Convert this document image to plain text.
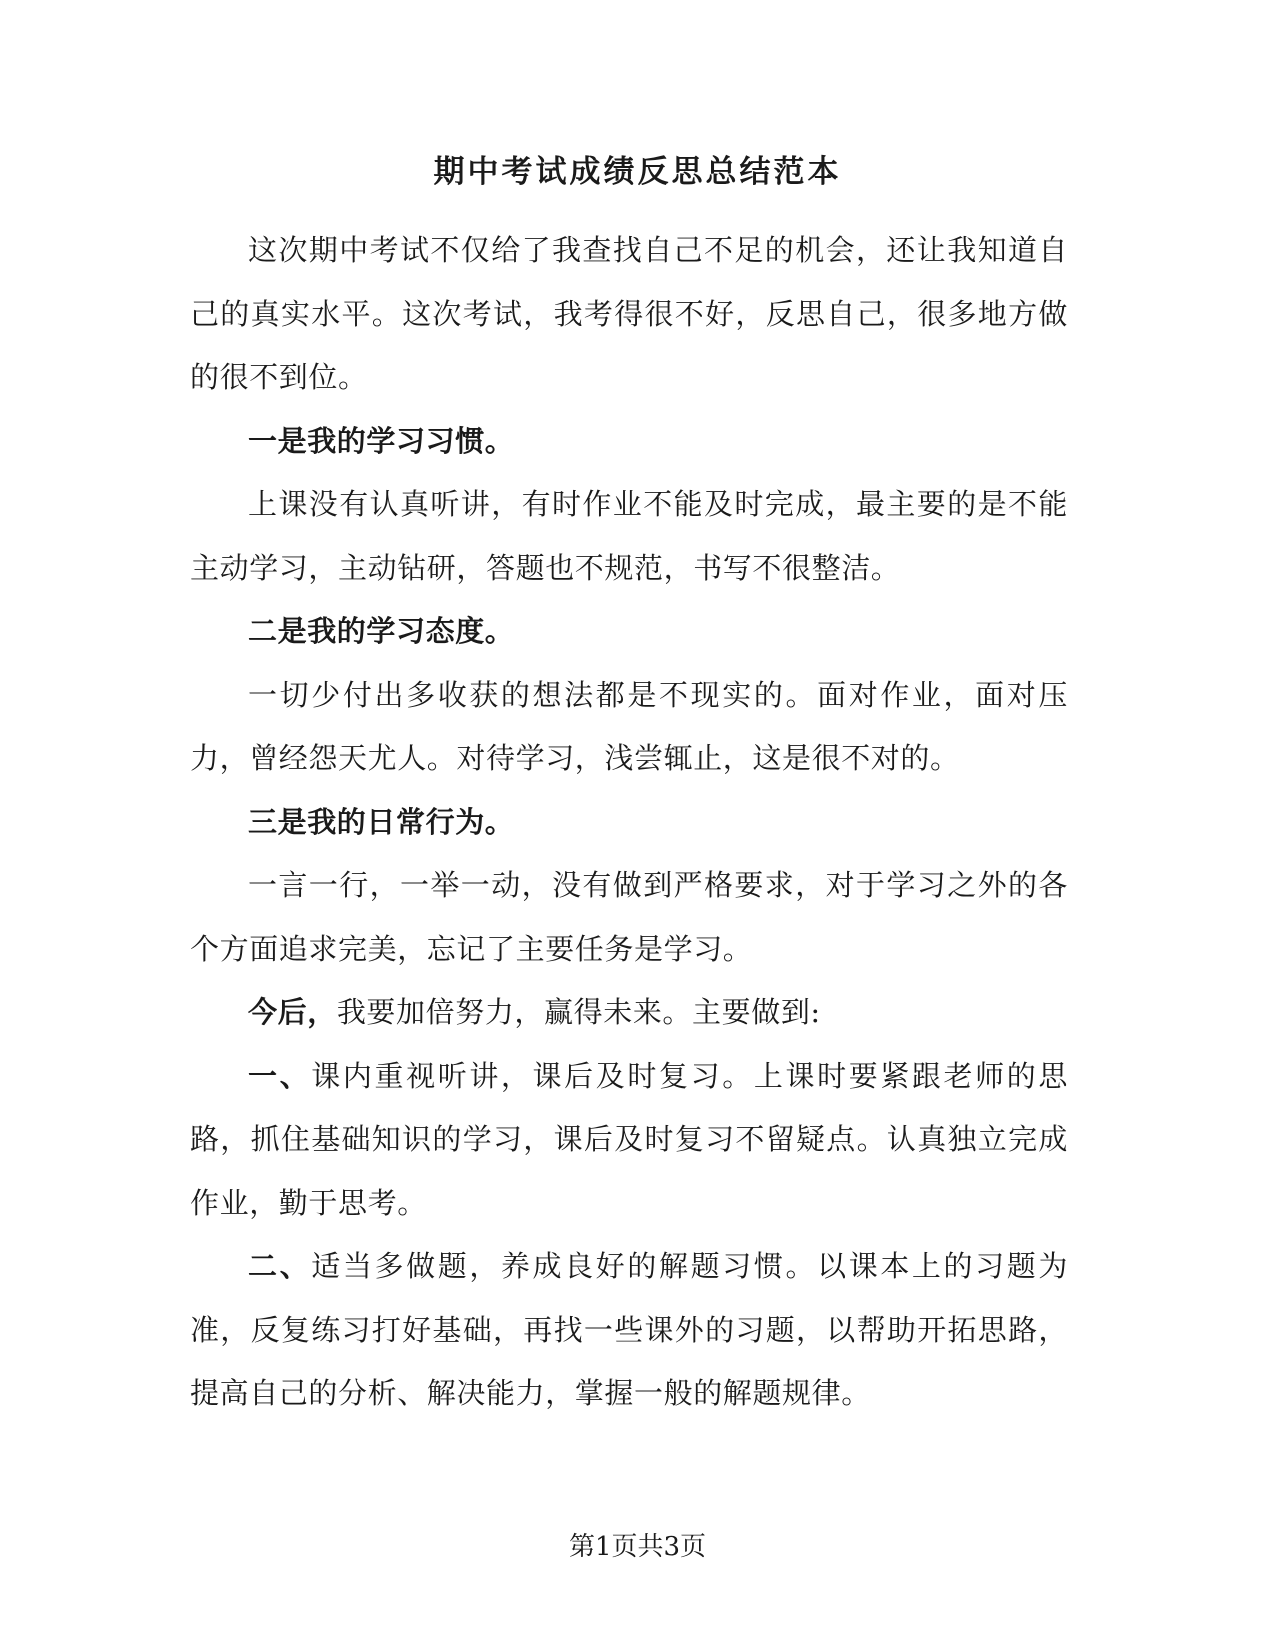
期中考试成绩反思总结范本

这次期中考试不仅给了我查找自己不足的机会，还让我知道自己的真实水平。这次考试，我考得很不好，反思自己，很多地方做的很不到位。

一是我的学习习惯。

上课没有认真听讲，有时作业不能及时完成，最主要的是不能主动学习，主动钻研，答题也不规范，书写不很整洁。

二是我的学习态度。

一切少付出多收获的想法都是不现实的。面对作业，面对压力，曾经怨天尤人。对待学习，浅尝辄止，这是很不对的。

三是我的日常行为。

一言一行，一举一动，没有做到严格要求，对于学习之外的各个方面追求完美，忘记了主要任务是学习。

今后，我要加倍努力，赢得未来。主要做到:

一、课内重视听讲，课后及时复习。上课时要紧跟老师的思路，抓住基础知识的学习，课后及时复习不留疑点。认真独立完成作业，勤于思考。

二、适当多做题，养成良好的解题习惯。以课本上的习题为准，反复练习打好基础，再找一些课外的习题，以帮助开拓思路，提高自己的分析、解决能力，掌握一般的解题规律。

第1页共3页
